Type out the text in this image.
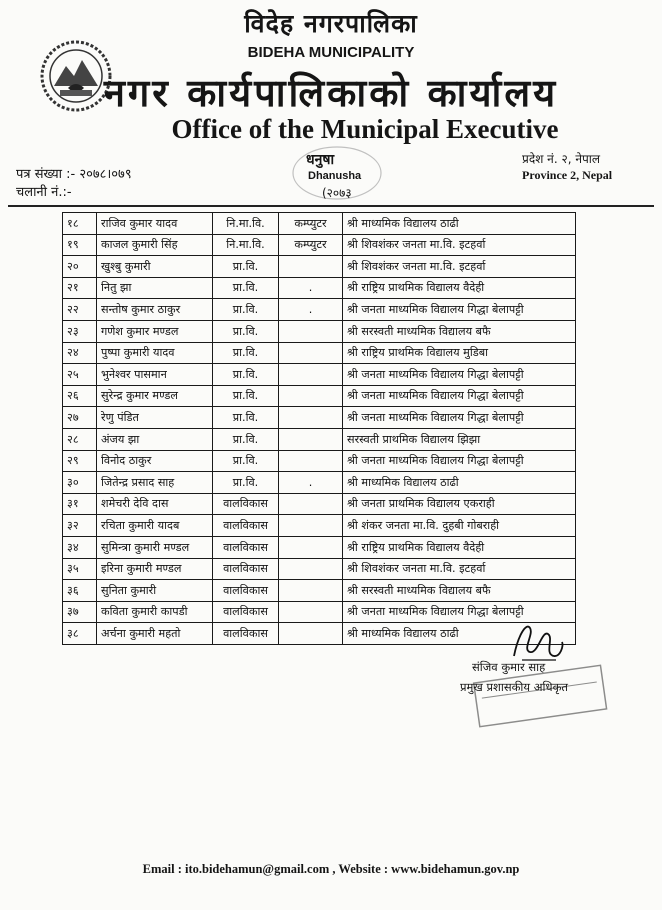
विदेह नगरपालिका
BIDEHA MUNICIPALITY
नगर कार्यपालिकाको कार्यालय
Office of the Municipal Executive
पत्र संख्या :- २०७८।०७९
चलानी नं.:-
धनुषा
Dhanusha
(२०७३
प्रदेश नं. २, नेपाल
Province 2, Nepal
१८	राजिव कुमार यादव	नि.मा.वि.	कम्प्युटर	श्री माध्यमिक विद्यालय ठाढी
१९	काजल कुमारी सिंह	नि.मा.वि.	कम्प्युटर	श्री शिवशंकर जनता मा.वि. इटहर्वा
२०	खुश्बु कुमारी	प्रा.वि.		श्री शिवशंकर जनता मा.वि. इटहर्वा
२१	नितु झा	प्रा.वि.	.	श्री राष्ट्रिय प्राथमिक विद्यालय वैदेही
२२	सन्तोष कुमार ठाकुर	प्रा.वि.	.	श्री जनता माध्यमिक विद्यालय गिद्धा बेलापट्टी
२३	गणेश कुमार मण्डल	प्रा.वि.		श्री सरस्वती माध्यमिक विद्यालय बफै
२४	पुष्पा कुमारी यादव	प्रा.वि.		श्री राष्ट्रिय प्राथमिक विद्यालय मुडिबा
२५	भुनेश्वर पासमान	प्रा.वि.		श्री जनता माध्यमिक विद्यालय गिद्धा बेलापट्टी
२६	सुरेन्द्र कुमार मण्डल	प्रा.वि.		श्री जनता माध्यमिक विद्यालय गिद्धा बेलापट्टी
२७	रेणु पंडित	प्रा.वि.		श्री जनता माध्यमिक विद्यालय गिद्धा बेलापट्टी
२८	अंजय झा	प्रा.वि.		सरस्वती प्राथमिक विद्यालय झिझा
२९	विनोद ठाकुर	प्रा.वि.		श्री जनता माध्यमिक विद्यालय गिद्धा बेलापट्टी
३०	जितेन्द्र प्रसाद साह	प्रा.वि.	.	श्री माध्यमिक विद्यालय ठाढी
३१	शमेचरी देवि दास	वालविकास		श्री जनता प्राथमिक विद्यालय एकराही
३२	रचिता कुमारी यादब	वालविकास		श्री शंकर जनता मा.वि. दुहबी गोबराही
३४	सुमिन्त्रा कुमारी मण्डल	वालविकास		श्री राष्ट्रिय प्राथमिक विद्यालय वैदेही
३५	इरिना कुमारी मण्डल	वालविकास		श्री शिवशंकर जनता मा.वि. इटहर्वा
३६	सुनिता कुमारी	वालविकास		श्री सरस्वती माध्यमिक विद्यालय बफै
३७	कविता कुमारी कापडी	वालविकास		श्री जनता माध्यमिक विद्यालय गिद्धा बेलापट्टी
३८	अर्चना कुमारी महतो	वालविकास		श्री माध्यमिक विद्यालय ठाढी
संजिव कुमार साह
प्रमुख प्रशासकीय अधिकृत
Email : ito.bidehamun@gmail.com , Website : www.bidehamun.gov.np
